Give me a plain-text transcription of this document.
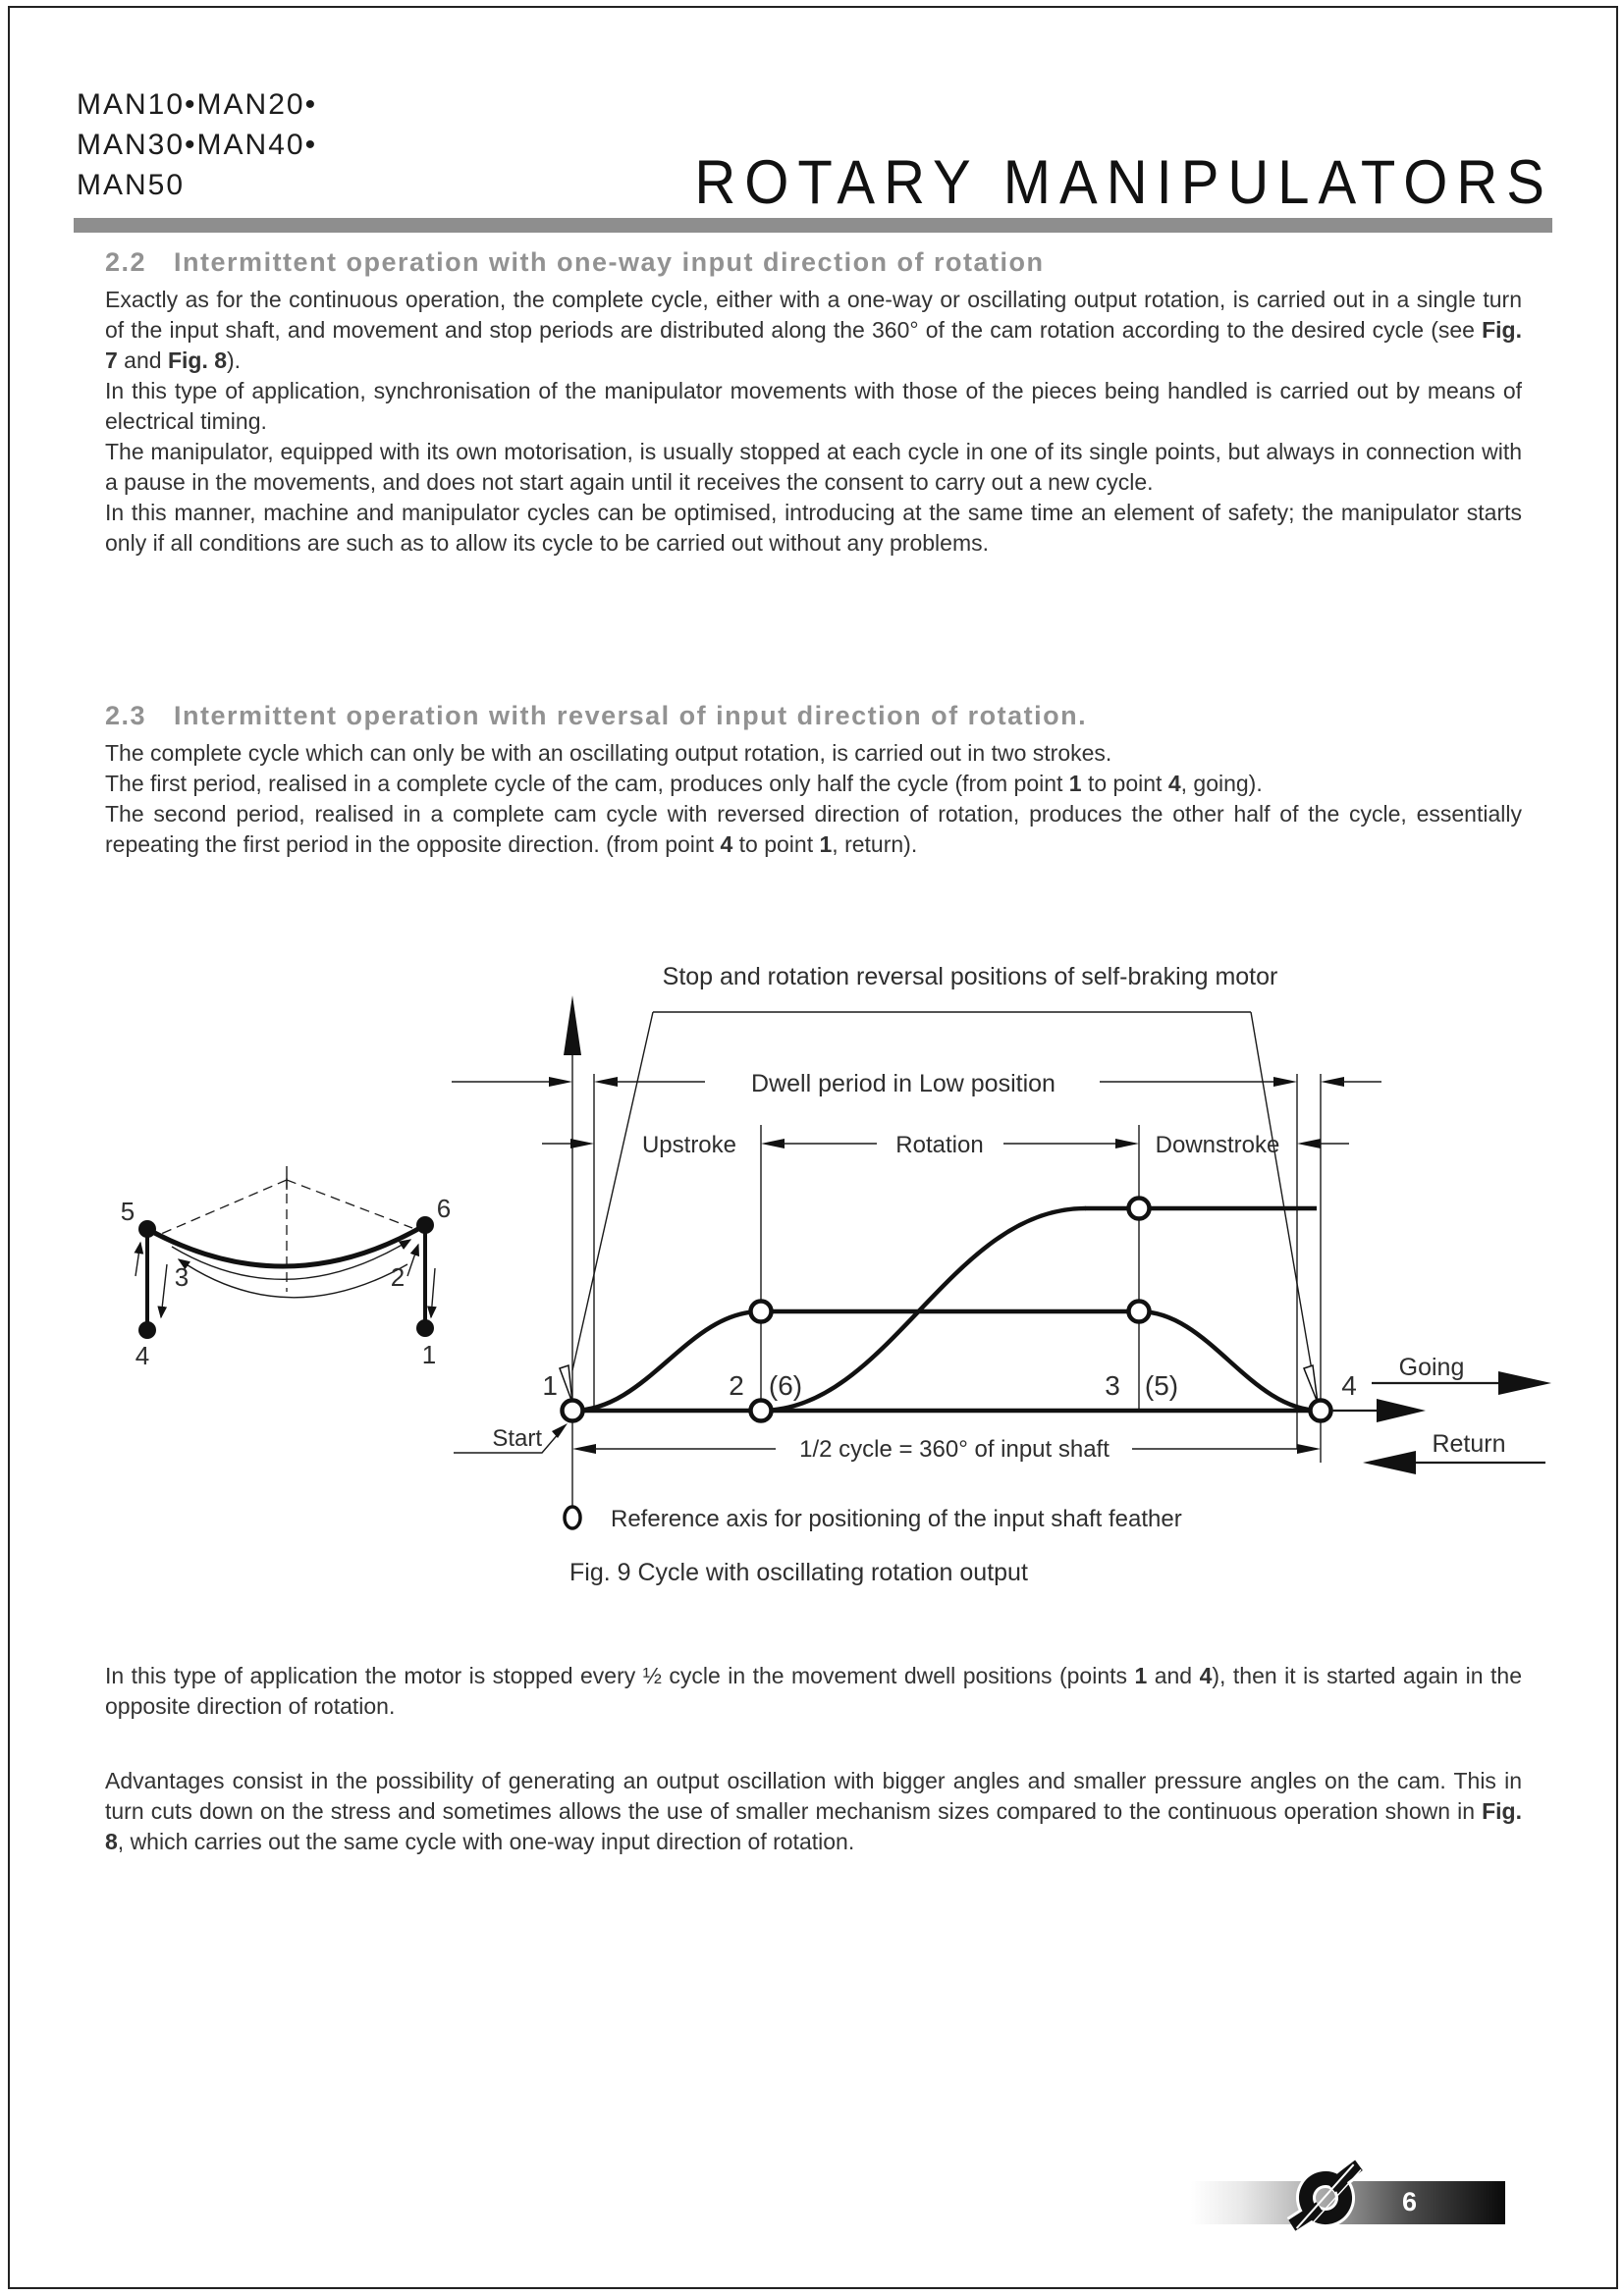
MAN10•MAN20•
MAN30•MAN40•
MAN50	ROTARY MANIPULATORS
2.2 Intermittent operation with one-way input direction of rotation
Exactly as for the continuous operation, the complete cycle, either with a one-way or oscillating output rotation, is carried out in a single turn of the input shaft, and movement and stop periods are distributed along the 360° of the cam rotation according to the desired cycle (see Fig. 7 and Fig. 8).
In this type of application, synchronisation of the manipulator movements with those of the pieces being handled is carried out by means of electrical timing.
The manipulator, equipped with its own motorisation, is usually stopped at each cycle in one of its single points, but always in connection with a pause in the movements, and does not start again until it receives the consent to carry out a new cycle.
In this manner, machine and manipulator cycles can be optimised, introducing at the same time an element of safety; the manipulator starts only if all conditions are such as to allow its cycle to be carried out without any problems.
2.3 Intermittent operation with reversal of input direction of rotation.
The complete cycle which can only be with an oscillating output rotation, is carried out in two strokes.
The first period, realised in a complete cycle of the cam, produces only half the cycle (from point 1 to point 4, going).
The second period, realised in a complete cam cycle with reversed direction of rotation, produces the other half of the cycle, essentially repeating the first period in the opposite direction. (from point 4 to point 1, return).
Stop and rotation reversal positions of self-braking motor
Dwell period in Low position
Upstroke	Rotation	Downstroke
1	2 (6)	3 (5)	4
Start	1/2 cycle = 360° of input shaft
Going
Return
Reference axis for positioning of the input shaft feather
5	6
3	2
4	1
Fig. 9 Cycle with oscillating rotation output
In this type of application the motor is stopped every ½ cycle in the movement dwell positions (points 1 and 4), then it is started again in the opposite direction of rotation.
Advantages consist in the possibility of generating an output oscillation with bigger angles and smaller pressure angles on the cam. This in turn cuts down on the stress and sometimes allows the use of smaller mechanism sizes compared to the continuous operation shown in Fig. 8, which carries out the same cycle with one-way input direction of rotation.
6
